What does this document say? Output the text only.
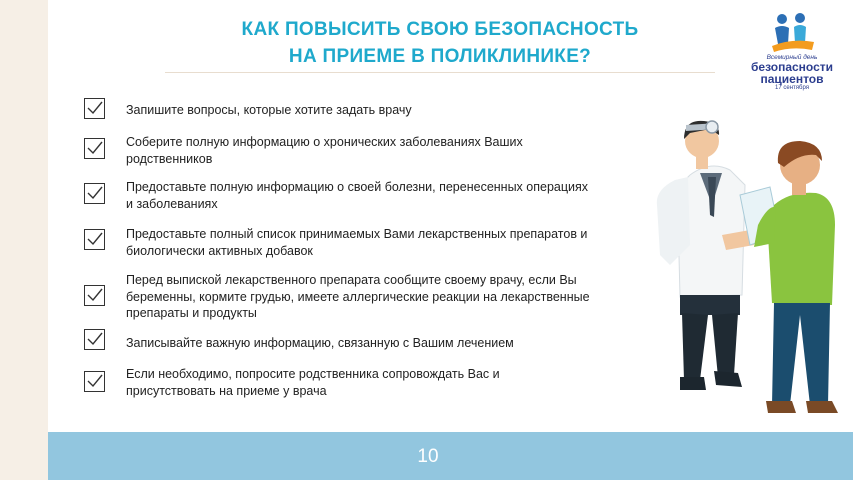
КАК ПОВЫСИТЬ СВОЮ БЕЗОПАСНОСТЬ
НА ПРИЕМЕ В ПОЛИКЛИНИКЕ?	Всемирный день
безопасности
пациентов
17 сентября
Запишите вопросы, которые хотите задать врачу
Соберите полную информацию о хронических заболеваниях Ваших
родственников
Предоставьте полную информацию о своей болезни, перенесенных операциях
и заболеваниях
Предоставьте полный список принимаемых Вами лекарственных препаратов и
биологически активных добавок
Перед выпиской лекарственного препарата сообщите своему врачу, если Вы
беременны, кормите грудью, имеете аллергические реакции на лекарственные
препараты и продукты
Записывайте важную информацию, связанную с Вашим лечением
Если необходимо, попросите родственника сопровождать Вас и
присутствовать на приеме у врача
10
